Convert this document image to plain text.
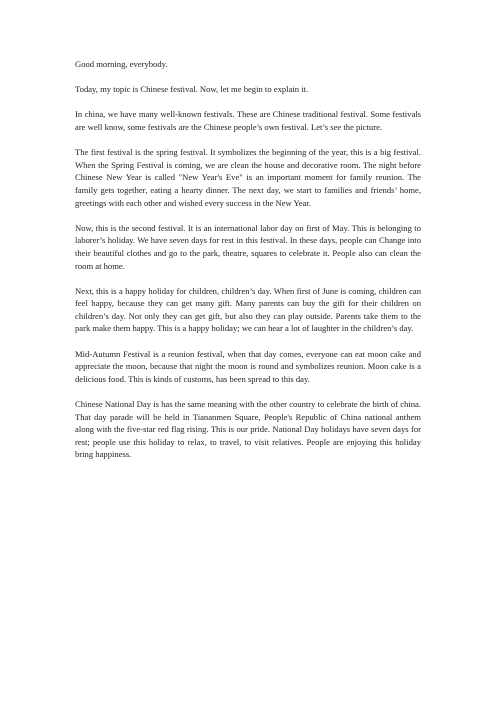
Good morning, everybody.

Today, my topic is Chinese festival. Now, let me begin to explain it.

In china, we have many well-known festivals. These are Chinese traditional festival. Some festivals are well know, some festivals are the Chinese people’s own festival. Let’s see the picture.

The first festival is the spring festival. It symbolizes the beginning of the year, this is a big festival. When the Spring Festival is coming, we are clean the house and decorative room. The night before Chinese New Year is called "New Year's Eve" is an important moment for family reunion. The family gets together, eating a hearty dinner. The next day, we start to families and friends’ home, greetings with each other and wished every success in the New Year.

Now, this is the second festival. It is an international labor day on first of May. This is belonging to laborer’s holiday. We have seven days for rest in this festival. In these days, people can Change into their beautiful clothes and go to the park, theatre, squares to celebrate it. People also can clean the room at home.

Next, this is a happy holiday for children, children’s day. When first of June is coming, children can feel happy, because they can get many gift. Many parents can buy the gift for their children on children’s day. Not only they can get gift, but also they can play outside. Parents take them to the park make them happy. This is a happy holiday; we can hear a lot of laughter in the children’s day.

Mid-Autumn Festival is a reunion festival, when that day comes, everyone can eat moon cake and appreciate the moon, because that night the moon is round and symbolizes reunion. Moon cake is a delicious food. This is kinds of customs, has been spread to this day.

Chinese National Day is has the same meaning with the other country to celebrate the birth of china. That day parade will be held in Tiananmen Square, People's Republic of China national anthem along with the five-star red flag rising. This is our pride. National Day holidays have seven days for rest; people use this holiday to relax, to travel, to visit relatives. People are enjoying this holiday bring happiness.
